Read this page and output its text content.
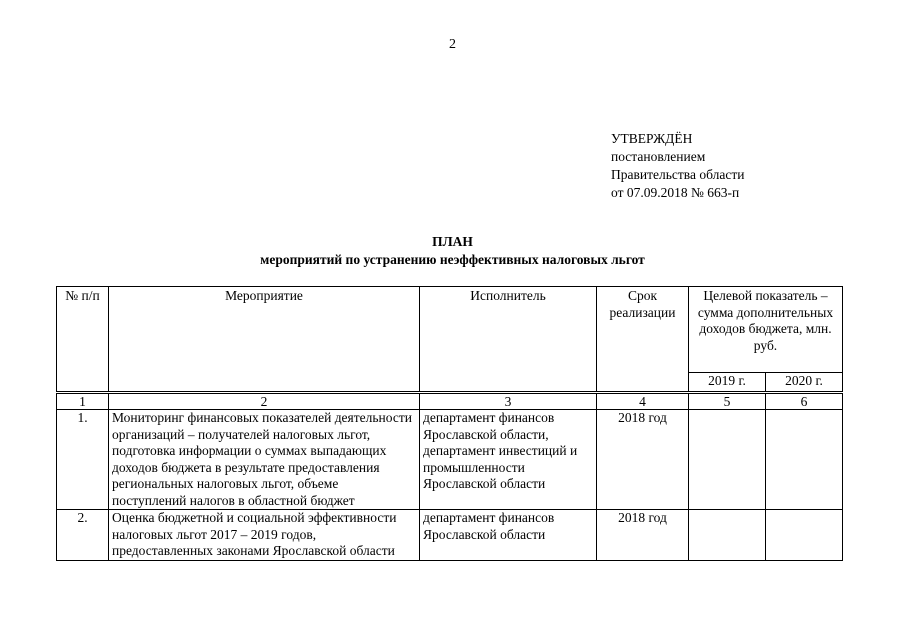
2
УТВЕРЖДЁН
постановлением
Правительства области
от 07.09.2018 № 663-п
ПЛАН
мероприятий по устранению неэффективных налоговых льгот
№ п/п	Мероприятие	Исполнитель	Срок реализации	Целевой показатель – сумма дополнительных доходов бюджета, млн. руб.	
				2019 г.	2020 г.
1	2	3	4	5	6
1.	Мониторинг финансовых показателей деятельности организаций – получателей налоговых льгот, подготовка информации о суммах выпадающих доходов бюджета в результате предоставления региональных налоговых льгот, объеме поступлений налогов в областной бюджет	департамент финансов Ярославской области, департамент инвестиций и промышленности Ярославской области	2018 год		
2.	Оценка бюджетной и социальной эффективности налоговых льгот 2017 – 2019 годов, предоставленных законами Ярославской области	департамент финансов Ярославской области	2018 год		
